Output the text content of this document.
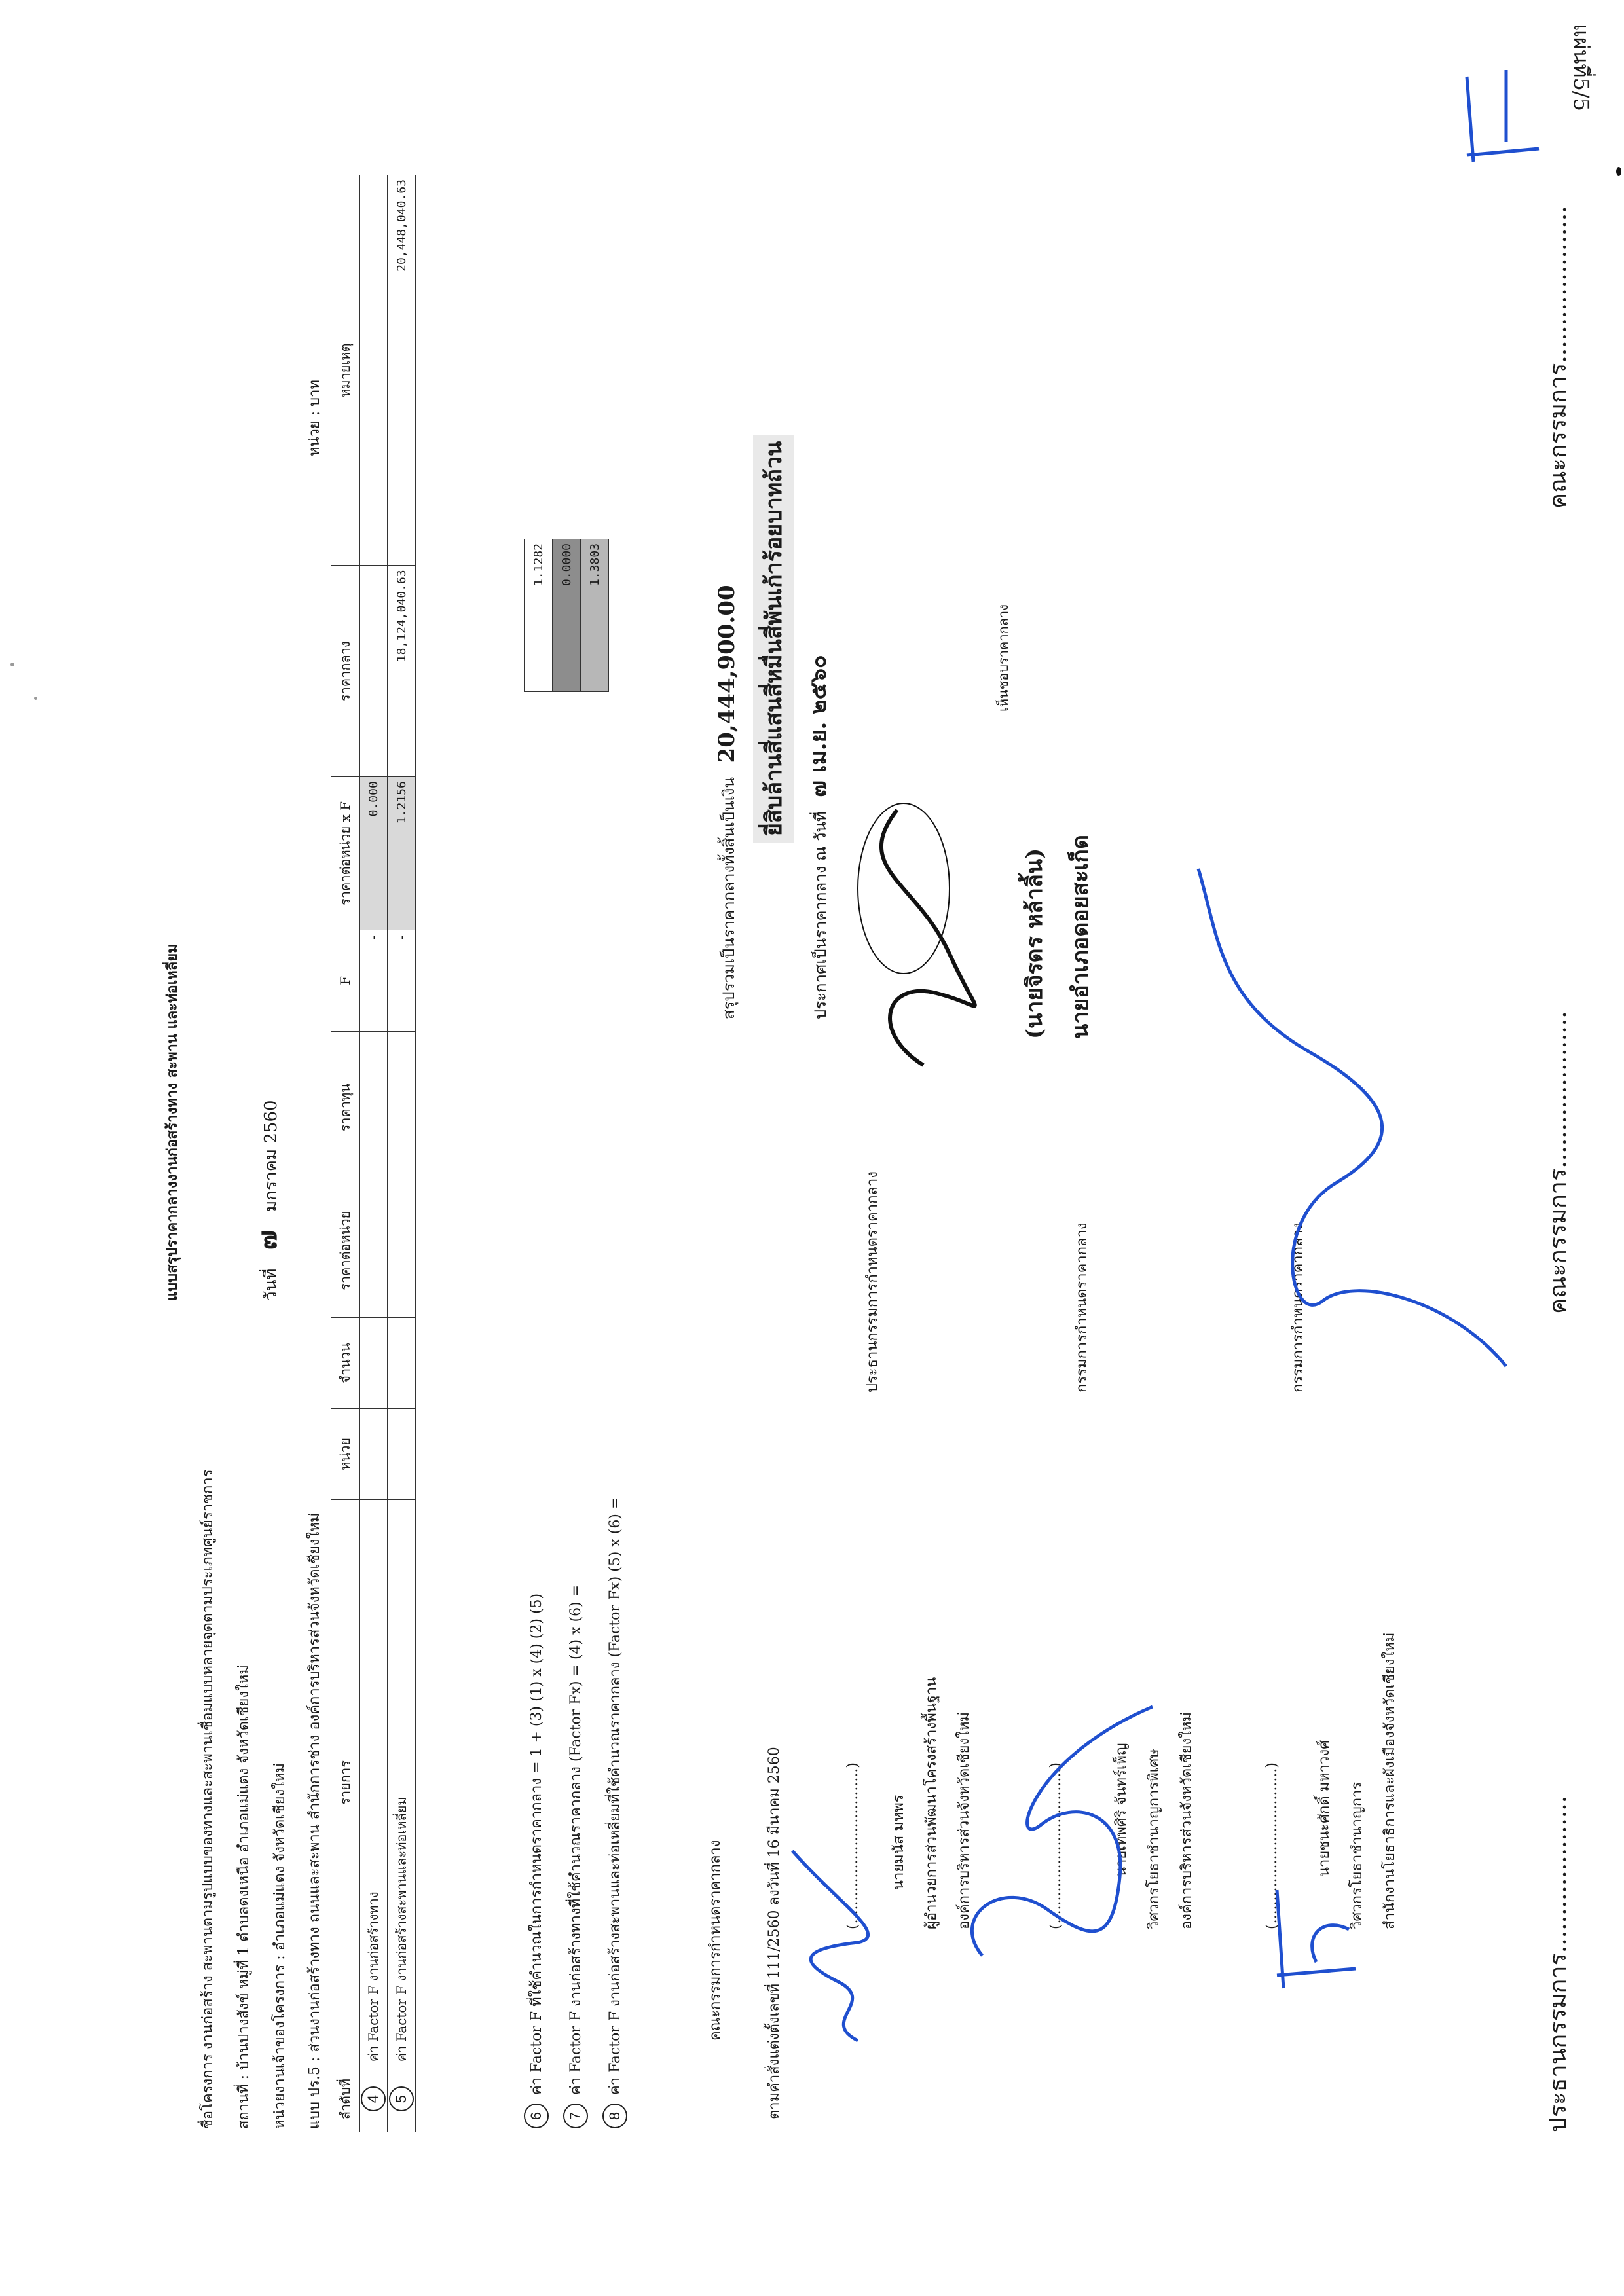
แผ่นที่5/5
แบบสรุปราคากลางงานก่อสร้างทาง สะพาน และท่อเหลี่ยม
ชื่อโครงการ งานก่อสร้าง สะพานตามรูปแบบของทางและสะพานเชื่อมแบบหลายจุดตามประเภทศูนย์ราชการ สถานที่ : บ้านปางสังข์ หมู่ที่ 1 ตำบลดงเหนือ อำเภอแม่แตง จังหวัดเชียงใหม่ หน่วยงานเจ้าของโครงการ : อำเภอแม่แตง จังหวัดเชียงใหม่ แบบ ปร.5 : ส่วนงานก่อสร้างทาง ถนนและสะพาน สำนักการช่าง องค์การบริหารส่วนจังหวัดเชียงใหม่
วันที่ ๗ มกราคม 2560
หน่วย : บาท
ลำดับที่	รายการ	หน่วย	จำนวน	ราคาต่อหน่วย	ราคาทุน	F	ราคาต่อหน่วย x F	ราคากลาง	หมายเหตุ
4	ค่า Factor F งานก่อสร้างทาง					-	0.000		
5	ค่า Factor F งานก่อสร้างสะพานและท่อเหลี่ยม					-	1.2156	18,124,040.63	20,448,040.63
6 ค่า Factor F ที่ใช้คำนวณในการกำหนดราคากลาง = 1 + (3) (1) x (4) (2) (5)
7 ค่า Factor F งานก่อสร้างทางที่ใช้คำนวณราคากลาง (Factor Fx) = (4) x (6) =
8 ค่า Factor F งานก่อสร้างสะพานและท่อเหลี่ยมที่ใช้คำนวณราคากลาง (Factor Fx) (5) x (6) =
1.1282
0.0000
1.3803
สรุปรวมเป็นราคากลางทั้งสิ้นเป็นเงิน 20,444,900.00 ยี่สิบล้านสี่แสนสี่หมื่นสี่พันเก้าร้อยบาทถ้วน
ประกาศเป็นราคากลาง ณ วันที่ ๗ เม.ย. ๒๕๖๐	เห็นชอบราคากลาง
(นายจิรดร หล้าลิ้น) นายอำเภอดอยสะเก็ด
คณะกรรมการกำหนดราคากลาง	ตามคำสั่งแต่งตั้งเลขที่ 111/2560 ลงวันที่ 16 มีนาคม 2560	(..................................) นายมนัส มหพร ผู้อำนวยการส่วนพัฒนาโครงสร้างพื้นฐาน องค์การบริหารส่วนจังหวัดเชียงใหม่
ประธานกรรมการกำหนดราคากลาง
(..................................)	นายเทพศิริ จันทร์เพ็ญ วิศวกรโยธาชำนาญการพิเศษ องค์การบริหารส่วนจังหวัดเชียงใหม่
กรรมการกำหนดราคากลาง
(..................................)	นายชนะศักดิ์ มหาวงศ์ วิศวกรโยธาชำนาญการ สำนักงานโยธาธิการและผังเมืองจังหวัดเชียงใหม่
กรรมการกำหนดราคากลาง
ประธานกรรมการ.....................
คณะกรรมการ.....................
คณะกรรมการ.....................
